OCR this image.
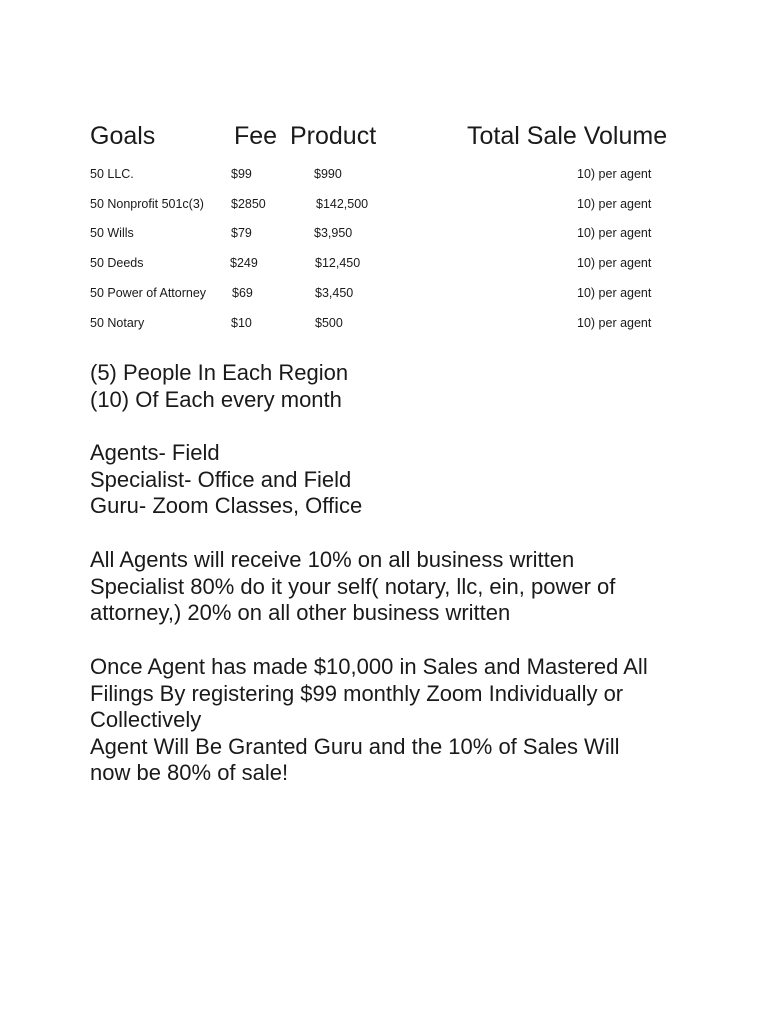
Goals	Fee Product	Total Sale Volume
50 LLC.	$99	$990	10) per agent
50 Nonprofit 501c(3) $2850	$142,500	10) per agent
50 Wills	$79	$3,950	10) per agent
50 Deeds	$249	$12,450	10) per agent
50 Power of Attorney $69	$3,450	10) per agent
50 Notary	$10	$500	10) per agent
(5) People In Each Region
(10) Of Each every month
Agents- Field
Specialist- Office and Field
Guru- Zoom Classes, Office
All Agents will receive 10% on all business written
Specialist 80% do it your self( notary, llc, ein, power of
attorney,) 20% on all other business written
Once Agent has made $10,000 in Sales and Mastered All
Filings By registering $99 monthly Zoom Individually or
Collectively
Agent Will Be Granted Guru and the 10% of Sales Will
now be 80% of sale!
